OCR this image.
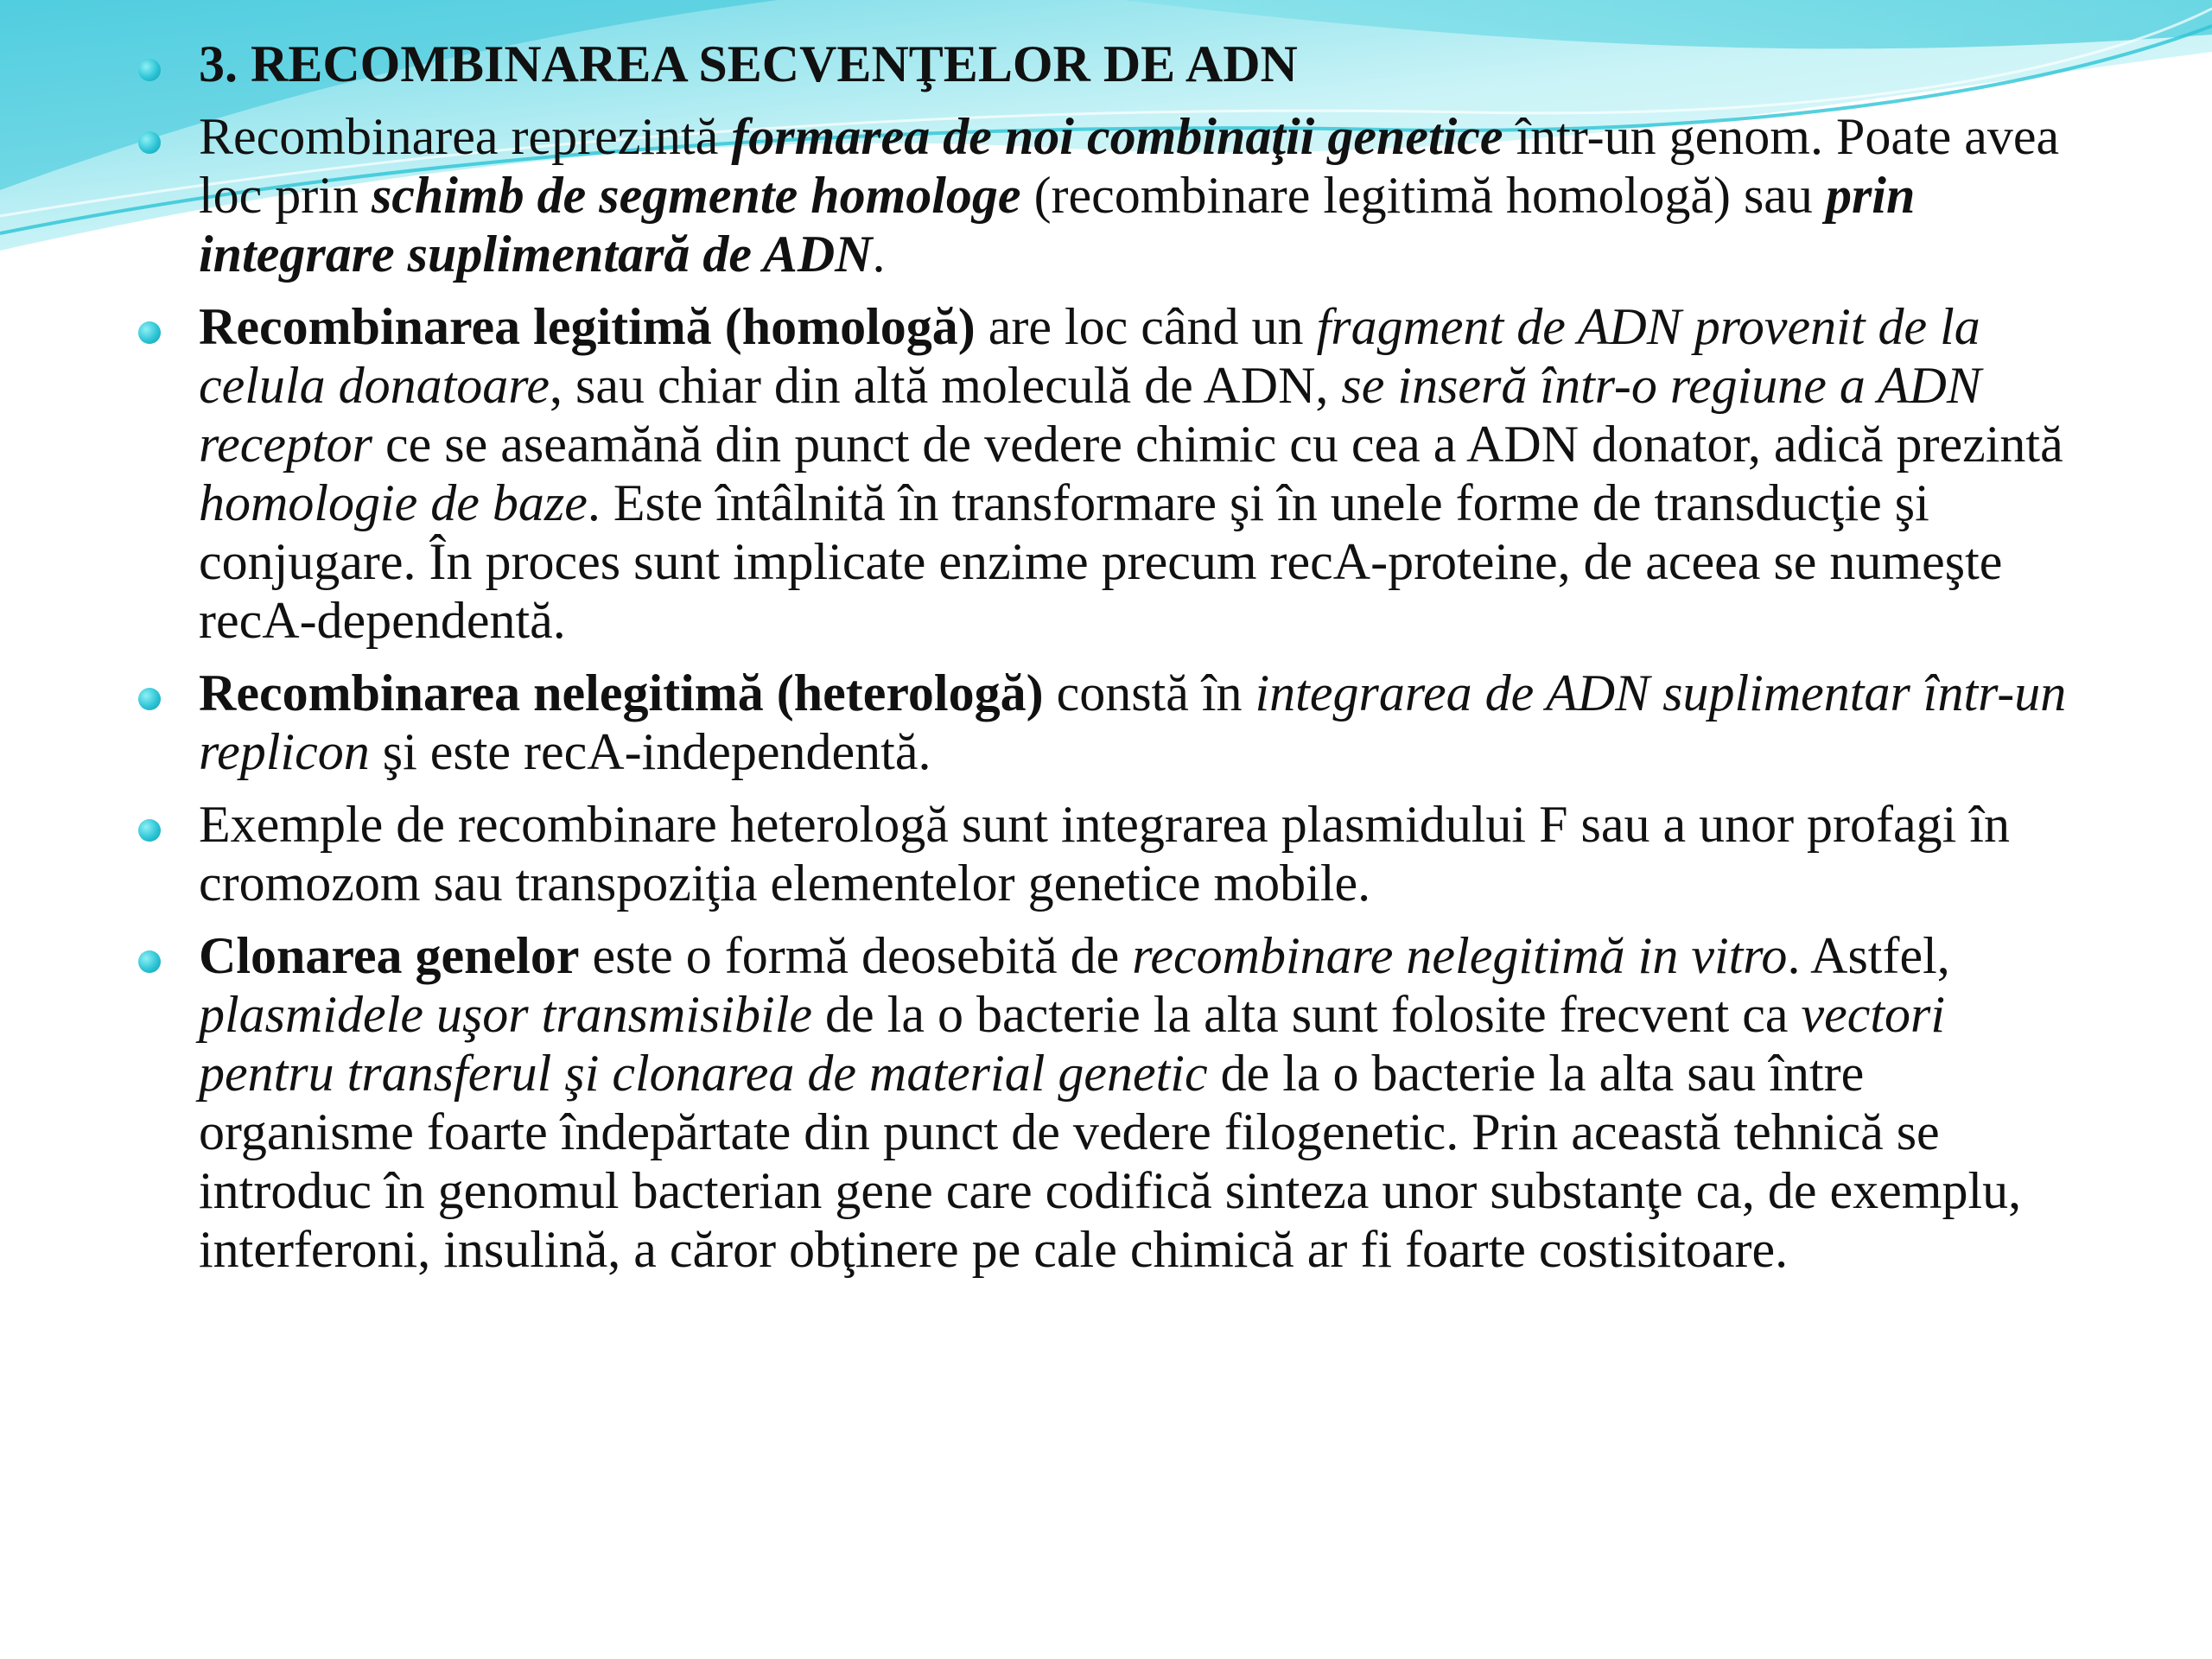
3. RECOMBINAREA SECVENŢELOR DE ADN
Recombinarea reprezintă formarea de noi combinaţii genetice într-un genom. Poate avea loc prin schimb de segmente homologe (recombinare legitimă homologă) sau prin integrare suplimentară de ADN.
Recombinarea legitimă (homologă) are loc când un fragment de ADN provenit de la celula donatoare, sau chiar din altă moleculă de ADN, se inseră într-o regiune a ADN receptor ce se aseamănă din punct de vedere chimic cu cea a ADN donator, adică prezintă homologie de baze. Este întâlnită în transformare şi în unele forme de transducţie şi conjugare. În proces sunt implicate enzime precum recA-proteine, de aceea se numeşte recA-dependentă.
Recombinarea nelegitimă (heterologă) constă în integrarea de ADN suplimentar într-un replicon şi este recA-independentă.
Exemple de recombinare heterologă sunt integrarea plasmidului F sau a unor profagi în cromozom sau transpoziţia elementelor genetice mobile.
Clonarea genelor este o formă deosebită de recombinare nelegitimă in vitro. Astfel, plasmidele uşor transmisibile de la o bacterie la alta sunt folosite frecvent ca vectori pentru transferul şi clonarea de material genetic de la o bacterie la alta sau între organisme foarte îndepărtate din punct de vedere filogenetic. Prin această tehnică se introduc în genomul bacterian gene care codifică sinteza unor substanţe ca, de exemplu, interferoni, insulină, a căror obţinere pe cale chimică ar fi foarte costisitoare.
